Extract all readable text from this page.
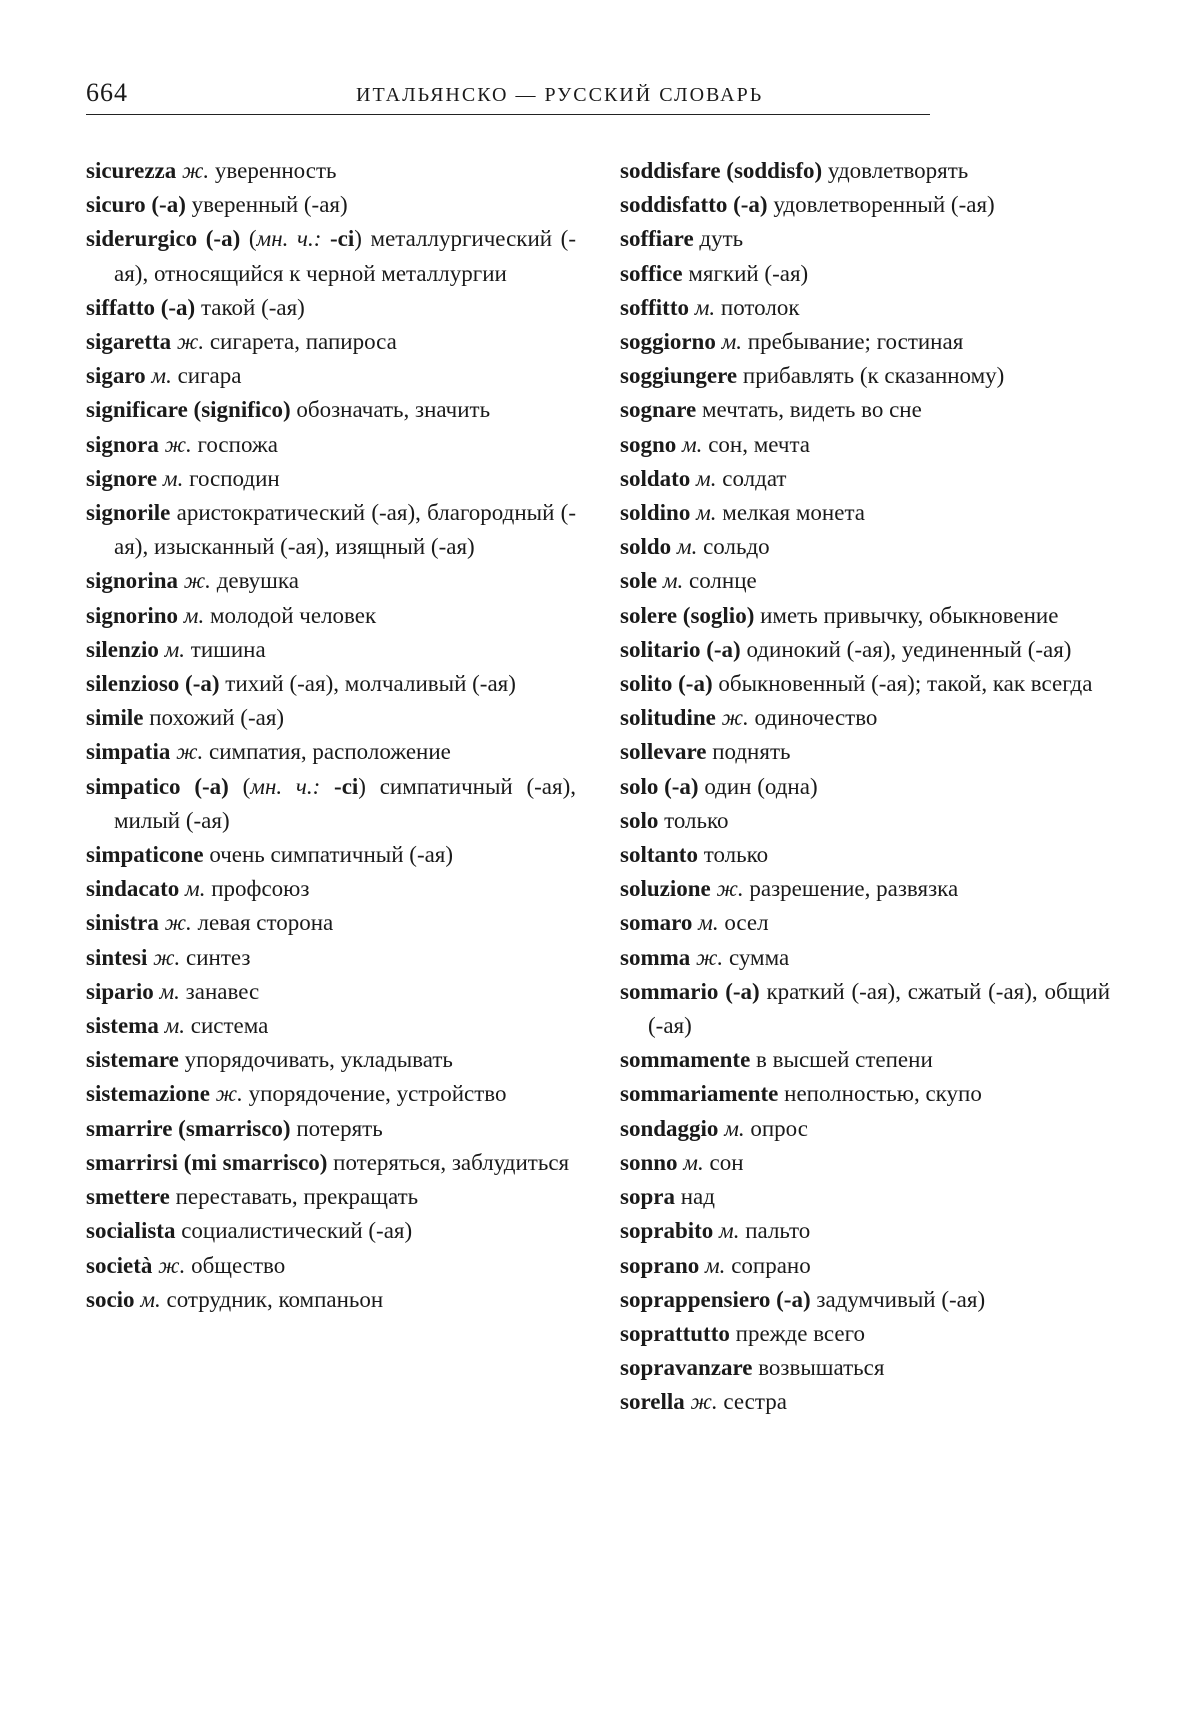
664	ИТАЛЬЯНСКО — РУССКИЙ СЛОВАРЬ

sicurezza ж. уверенность

sicuro (-a) уверенный (-ая)

siderurgico (-a) (мн. ч.: -ci) металлургический (-ая), относящийся к черной металлургии

siffatto (-a) такой (-ая)

sigaretta ж. сигарета, папироса

sigaro м. сигара

significare (significo) обозначать, значить

signora ж. госпожа

signore м. господин

signorile аристократический (-ая), благородный (-ая), изысканный (-ая), изящный (-ая)

signorina ж. девушка

signorino м. молодой человек

silenzio м. тишина

silenzioso (-a) тихий (-ая), молчаливый (-ая)

simile похожий (-ая)

simpatia ж. симпатия, расположение

simpatico (-a) (мн. ч.: -ci) симпатичный (-ая), милый (-ая)

simpaticone очень симпатичный (-ая)

sindacato м. профсоюз

sinistra ж. левая сторона

sintesi ж. синтез

sipario м. занавес

sistema м. система

sistemare упорядочивать, укладывать

sistemazione ж. упорядочение, устройство

smarrire (smarrisco) потерять

smarrirsi (mi smarrisco) потеряться, заблудиться

smettere переставать, прекращать

socialista социалистический (-ая)

società ж. общество

socio м. сотрудник, компаньон

soddisfare (soddisfo) удовлетворять

soddisfatto (-a) удовлетворенный (-ая)

soffiare дуть

soffice мягкий (-ая)

soffitto м. потолок

soggiorno м. пребывание; гостиная

soggiungere прибавлять (к сказанному)

sognare мечтать, видеть во сне

sogno м. сон, мечта

soldato м. солдат

soldino м. мелкая монета

soldo м. сольдо

sole м. солнце

solere (soglio) иметь привычку, обыкновение

solitario (-a) одинокий (-ая), уединенный (-ая)

solito (-a) обыкновенный (-ая); такой, как всегда

solitudine ж. одиночество

sollevare поднять

solo (-a) один (одна)

solo только

soltanto только

soluzione ж. разрешение, развязка

somaro м. осел

somma ж. сумма

sommario (-a) краткий (-ая), сжатый (-ая), общий (-ая)

sommamente в высшей степени

sommariamente неполностью, скупо

sondaggio м. опрос

sonno м. сон

sopra над

soprabito м. пальто

soprano м. сопрано

soprappensiero (-a) задумчивый (-ая)

soprattutto прежде всего

sopravanzare возвышаться

sorella ж. сестра
